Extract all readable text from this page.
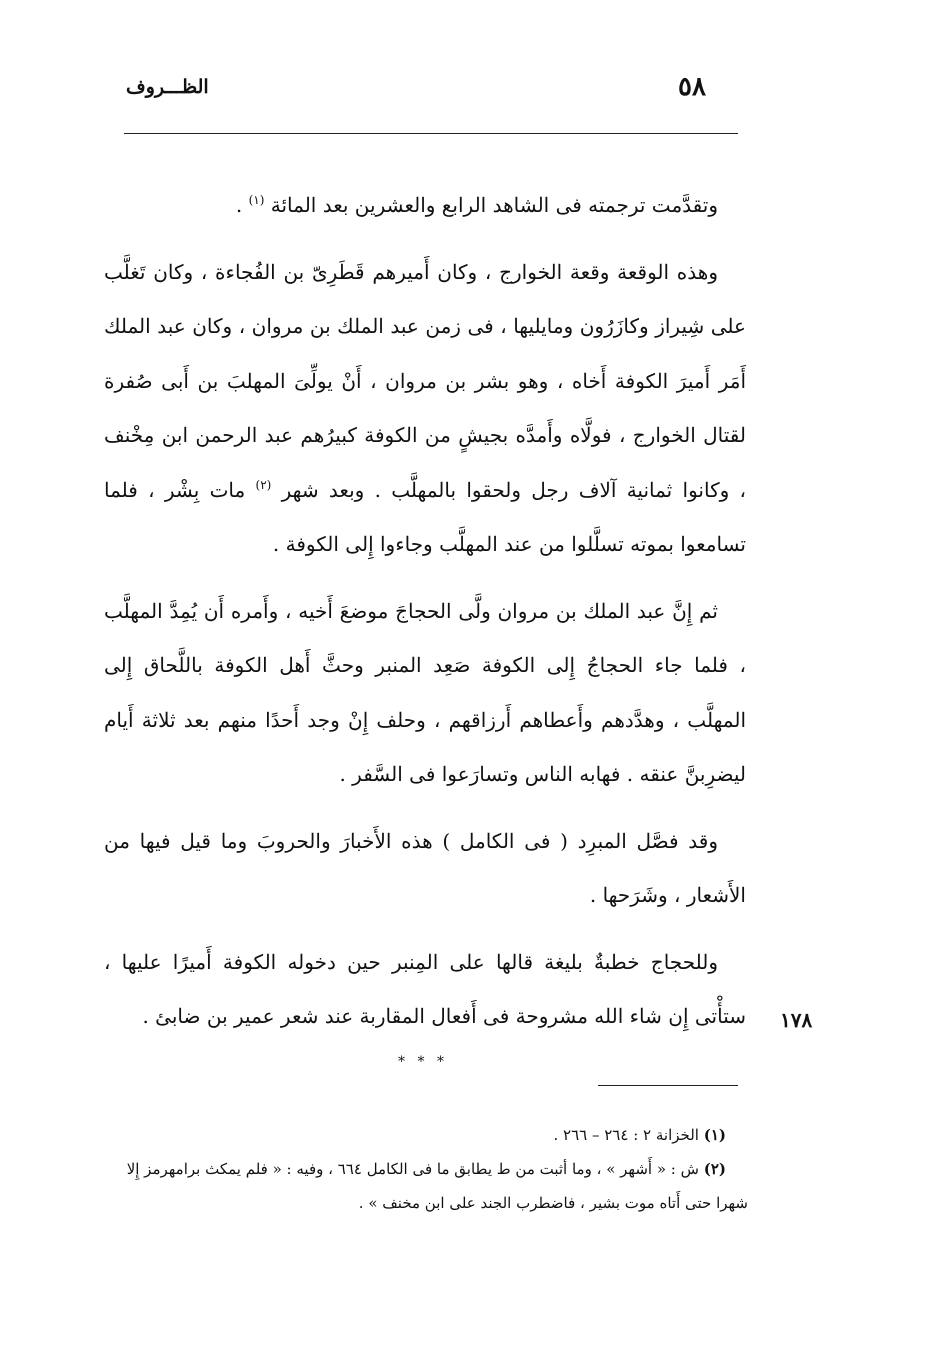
الظـــروف	٥٨

وتقدَّمت ترجمته فى الشاهد الرابع والعشرين بعد المائة $^{(١)}$ .

وهذه الوقعة وقعة الخوارج ، وكان أَميرهم قَطَرِىّ بن الفُجاءة ، وكان تَغلَّب على شِيراز وكازَرُون ومايليها ، فى زمن عبد الملك بن مروان ، وكان عبد الملك أَمَر أَميرَ الكوفة أَخاه ، وهو بشر بن مروان ، أَنْ يولِّىَ المهلبَ بن أَبى صُفرة لقتال الخوارج ، فولَّاه وأَمدَّه بجيشٍ من الكوفة كبيرُهم عبد الرحمن ابن مِخْنف ، وكانوا ثمانية آلاف رجل ولحقوا بالمهلَّب . وبعد شهر $^{(٢)}$ مات بِشْر ، فلما تسامعوا بموته تسلَّلوا من عند المهلَّب وجاءوا إِلى الكوفة .

ثم إِنَّ عبد الملك بن مروان ولَّى الحجاجَ موضعَ أَخيه ، وأَمره أَن يُمِدَّ المهلَّب ، فلما جاء الحجاجُ إِلى الكوفة صَعِد المنبر وحثَّ أَهل الكوفة باللَّحاق إِلى المهلَّب ، وهدَّدهم وأَعطاهم أَرزاقهم ، وحلف إِنْ وجد أَحدًا منهم بعد ثلاثة أَيام ليضرِبنَّ عنقه . فهابه الناس وتسارَعوا فى السَّفر .

وقد فصَّل المبرِد ( فى الكامل ) هذه الأَخبارَ والحروبَ وما قيل فيها من الأَشعار ، وشَرَحها .

وللحجاج خطبةٌ بليغة قالها على المِنبر حين دخوله الكوفة أَميرًا عليها ، ستأْتى إِن شاء الله مشروحة فى أَفعال المقاربة عند شعر عمير بن ضابئ . ١٧٨
* * *

(١) الخزانة ٢ : ٢٦٤ – ٢٦٦ .

(٢) ش : « أَشهر » ، وما أثبت من ط يطابق ما فى الكامل ٦٦٤ ، وفيه : « فلم يمكث برامهرمز إِلا شهرا حتى أَتاه موت بشير ، فاضطرب الجند على ابن مخنف » .
